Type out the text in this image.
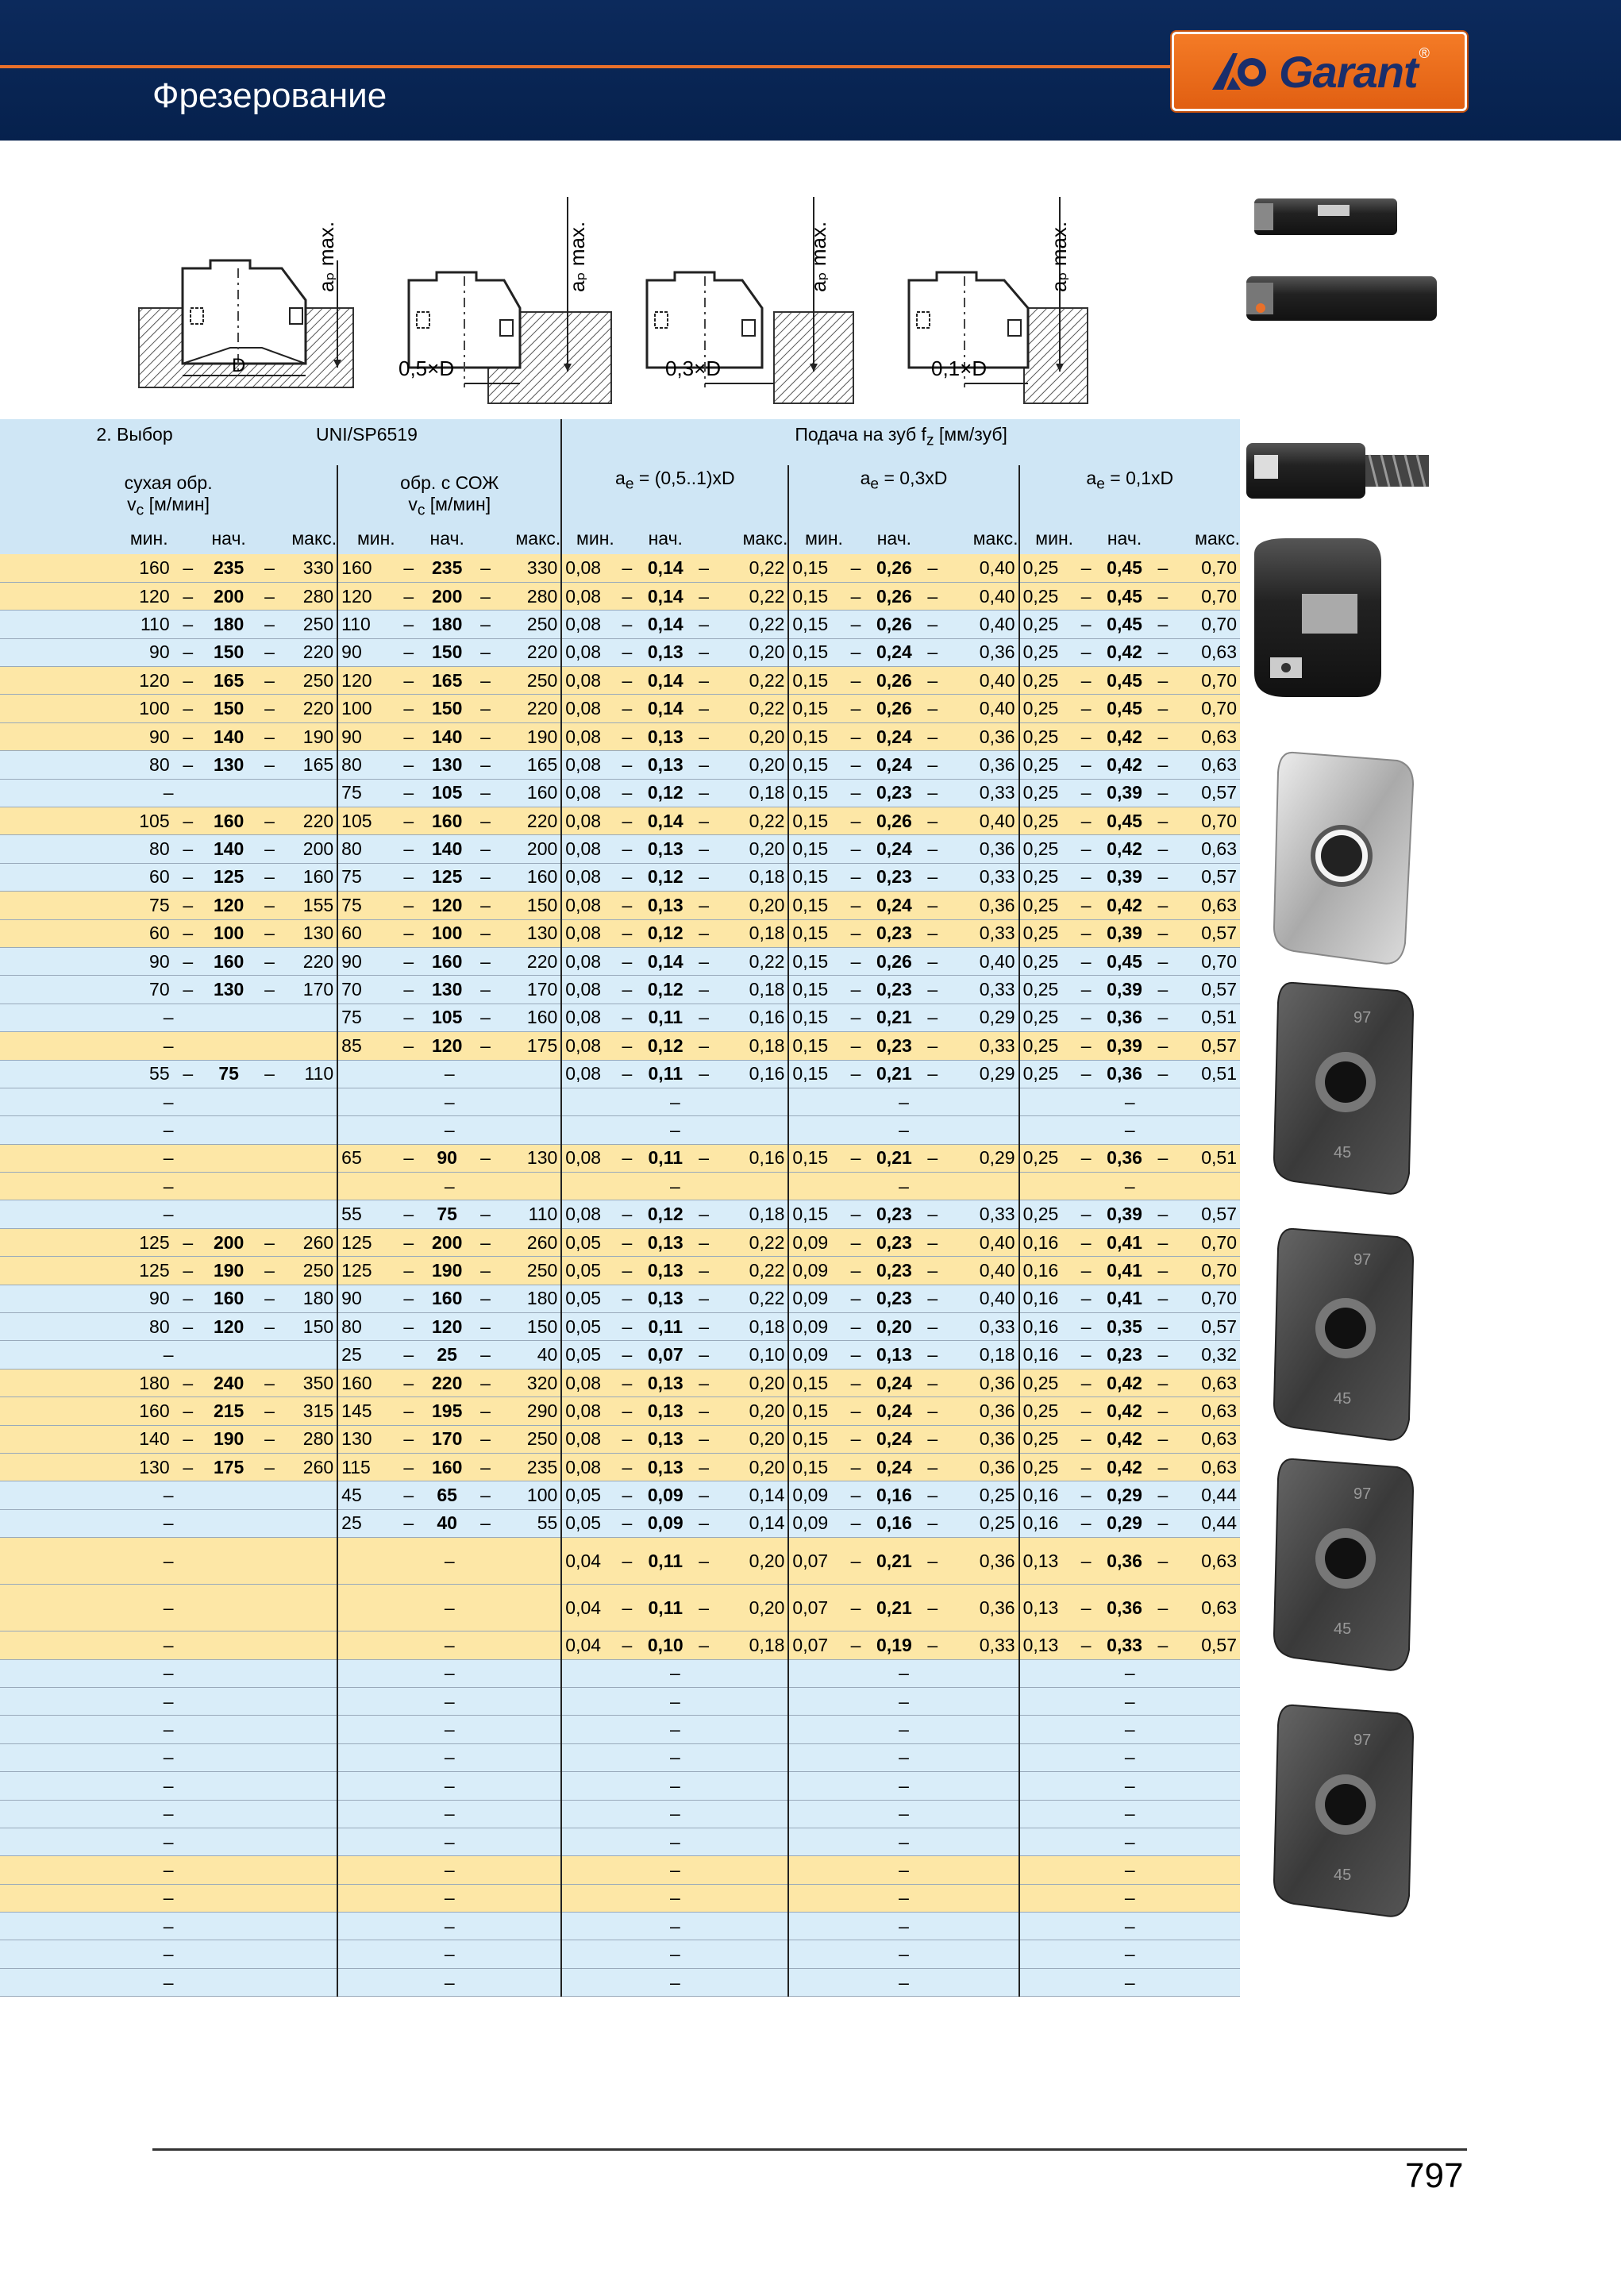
Фрезерование	Garant ®
D
aₚ max.
0,5×D
aₚ max.
0,3×D
aₚ max.
0,1×D
aₚ max.
97
45
97
45
97
45
97
45
2. Выбор	UNI/SP6519									Подача на зуб $f_z$ [мм/зуб]														
сухая обр.					обр. с СОЖ					$a_e = (0,5..1)xD$					$a_e = 0,3xD$					$a_e = 0,1xD$				
$v_c$ [м/мин]					$v_c$ [м/мин]																			
мин.		нач.		макс.	мин.		нач.		макс.	мин.		нач.		макс.	мин.		нач.		макс.	мин.		нач.		макс.
160	–	235	–	330	160	–	235	–	330	0,08	–	0,14	–	0,22	0,15	–	0,26	–	0,40	0,25	–	0,45	–	0,70
120	–	200	–	280	120	–	200	–	280	0,08	–	0,14	–	0,22	0,15	–	0,26	–	0,40	0,25	–	0,45	–	0,70
110	–	180	–	250	110	–	180	–	250	0,08	–	0,14	–	0,22	0,15	–	0,26	–	0,40	0,25	–	0,45	–	0,70
90	–	150	–	220	90	–	150	–	220	0,08	–	0,13	–	0,20	0,15	–	0,24	–	0,36	0,25	–	0,42	–	0,63
120	–	165	–	250	120	–	165	–	250	0,08	–	0,14	–	0,22	0,15	–	0,26	–	0,40	0,25	–	0,45	–	0,70
100	–	150	–	220	100	–	150	–	220	0,08	–	0,14	–	0,22	0,15	–	0,26	–	0,40	0,25	–	0,45	–	0,70
90	–	140	–	190	90	–	140	–	190	0,08	–	0,13	–	0,20	0,15	–	0,24	–	0,36	0,25	–	0,42	–	0,63
80	–	130	–	165	80	–	130	–	165	0,08	–	0,13	–	0,20	0,15	–	0,24	–	0,36	0,25	–	0,42	–	0,63
–					75	–	105	–	160	0,08	–	0,12	–	0,18	0,15	–	0,23	–	0,33	0,25	–	0,39	–	0,57
105	–	160	–	220	105	–	160	–	220	0,08	–	0,14	–	0,22	0,15	–	0,26	–	0,40	0,25	–	0,45	–	0,70
80	–	140	–	200	80	–	140	–	200	0,08	–	0,13	–	0,20	0,15	–	0,24	–	0,36	0,25	–	0,42	–	0,63
60	–	125	–	160	75	–	125	–	160	0,08	–	0,12	–	0,18	0,15	–	0,23	–	0,33	0,25	–	0,39	–	0,57
75	–	120	–	155	75	–	120	–	150	0,08	–	0,13	–	0,20	0,15	–	0,24	–	0,36	0,25	–	0,42	–	0,63
60	–	100	–	130	60	–	100	–	130	0,08	–	0,12	–	0,18	0,15	–	0,23	–	0,33	0,25	–	0,39	–	0,57
90	–	160	–	220	90	–	160	–	220	0,08	–	0,14	–	0,22	0,15	–	0,26	–	0,40	0,25	–	0,45	–	0,70
70	–	130	–	170	70	–	130	–	170	0,08	–	0,12	–	0,18	0,15	–	0,23	–	0,33	0,25	–	0,39	–	0,57
–					75	–	105	–	160	0,08	–	0,11	–	0,16	0,15	–	0,21	–	0,29	0,25	–	0,36	–	0,51
–					85	–	120	–	175	0,08	–	0,12	–	0,18	0,15	–	0,23	–	0,33	0,25	–	0,39	–	0,57
55	–	75	–	110	–					0,08	–	0,11	–	0,16	0,15	–	0,21	–	0,29	0,25	–	0,36	–	0,51
–					–					–					–					–				
–					–					–					–					–				
–					65	–	90	–	130	0,08	–	0,11	–	0,16	0,15	–	0,21	–	0,29	0,25	–	0,36	–	0,51
–					–					–					–					–				
–					55	–	75	–	110	0,08	–	0,12	–	0,18	0,15	–	0,23	–	0,33	0,25	–	0,39	–	0,57
125	–	200	–	260	125	–	200	–	260	0,05	–	0,13	–	0,22	0,09	–	0,23	–	0,40	0,16	–	0,41	–	0,70
125	–	190	–	250	125	–	190	–	250	0,05	–	0,13	–	0,22	0,09	–	0,23	–	0,40	0,16	–	0,41	–	0,70
90	–	160	–	180	90	–	160	–	180	0,05	–	0,13	–	0,22	0,09	–	0,23	–	0,40	0,16	–	0,41	–	0,70
80	–	120	–	150	80	–	120	–	150	0,05	–	0,11	–	0,18	0,09	–	0,20	–	0,33	0,16	–	0,35	–	0,57
–					25	–	25	–	40	0,05	–	0,07	–	0,10	0,09	–	0,13	–	0,18	0,16	–	0,23	–	0,32
180	–	240	–	350	160	–	220	–	320	0,08	–	0,13	–	0,20	0,15	–	0,24	–	0,36	0,25	–	0,42	–	0,63
160	–	215	–	315	145	–	195	–	290	0,08	–	0,13	–	0,20	0,15	–	0,24	–	0,36	0,25	–	0,42	–	0,63
140	–	190	–	280	130	–	170	–	250	0,08	–	0,13	–	0,20	0,15	–	0,24	–	0,36	0,25	–	0,42	–	0,63
130	–	175	–	260	115	–	160	–	235	0,08	–	0,13	–	0,20	0,15	–	0,24	–	0,36	0,25	–	0,42	–	0,63
–					45	–	65	–	100	0,05	–	0,09	–	0,14	0,09	–	0,16	–	0,25	0,16	–	0,29	–	0,44
–					25	–	40	–	55	0,05	–	0,09	–	0,14	0,09	–	0,16	–	0,25	0,16	–	0,29	–	0,44
–					–					0,04	–	0,11	–	0,20	0,07	–	0,21	–	0,36	0,13	–	0,36	–	0,63
–					–					0,04	–	0,11	–	0,20	0,07	–	0,21	–	0,36	0,13	–	0,36	–	0,63
–					–					0,04	–	0,10	–	0,18	0,07	–	0,19	–	0,33	0,13	–	0,33	–	0,57
–					–					–					–					–				
–					–					–					–					–				
–					–					–					–					–				
–					–					–					–					–				
–					–					–					–					–				
–					–					–					–					–				
–					–					–					–					–				
–					–					–					–					–				
–					–					–					–					–				
–					–					–					–					–				
–					–					–					–					–				
–					–					–					–					–				
797
